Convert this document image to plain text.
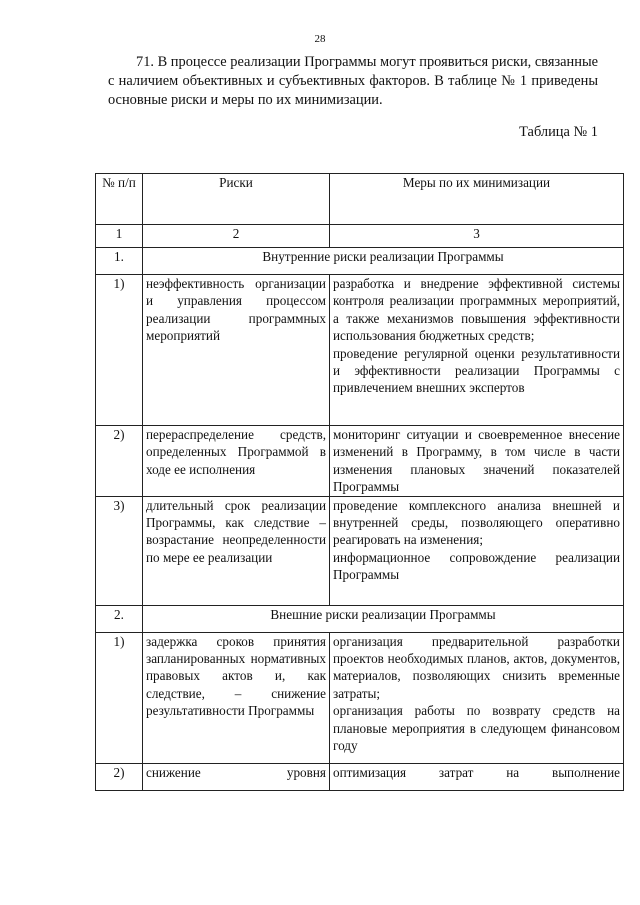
28

71. В процессе реализации Программы могут проявиться риски, связанные с наличием объективных и субъективных факторов. В таблице № 1 приведены основные риски и меры по их минимизации.

Таблица № 1
№ п/п	Риски	Меры по их минимизации
1	2	3
1.	Внутренние риски реализации Программы	
1)	неэффективность организации и управления процессом реализации программных мероприятий	разработка и внедрение эффективной системы контроля реализации программных мероприятий, а также механизмов повышения эффективности использования бюджетных средств;
проведение регулярной оценки результативности и эффективности реализации Программы с привлечением внешних экспертов

2)	перераспределение средств, определенных Программой в ходе ее исполнения	мониторинг ситуации и своевременное внесение изменений в Программу, в том числе в части изменения плановых значений показателей Программы

3)	длительный срок реализации Программы, как следствие – возрастание неопределенности по мере ее реализации	проведение комплексного анализа внешней и внутренней среды, позволяющего оперативно реагировать на изменения;
информационное сопровождение реализации Программы

2.	Внешние риски реализации Программы	
1)	задержка сроков принятия запланированных нормативных правовых актов и, как следствие, – снижение результативности Программы	организация предварительной разработки проектов необходимых планов, актов, документов, материалов, позволяющих снизить временные затраты;
организация работы по возврату средств на плановые мероприятия в следующем финансовом году

2)	снижение уровня	оптимизация затрат на выполнение
